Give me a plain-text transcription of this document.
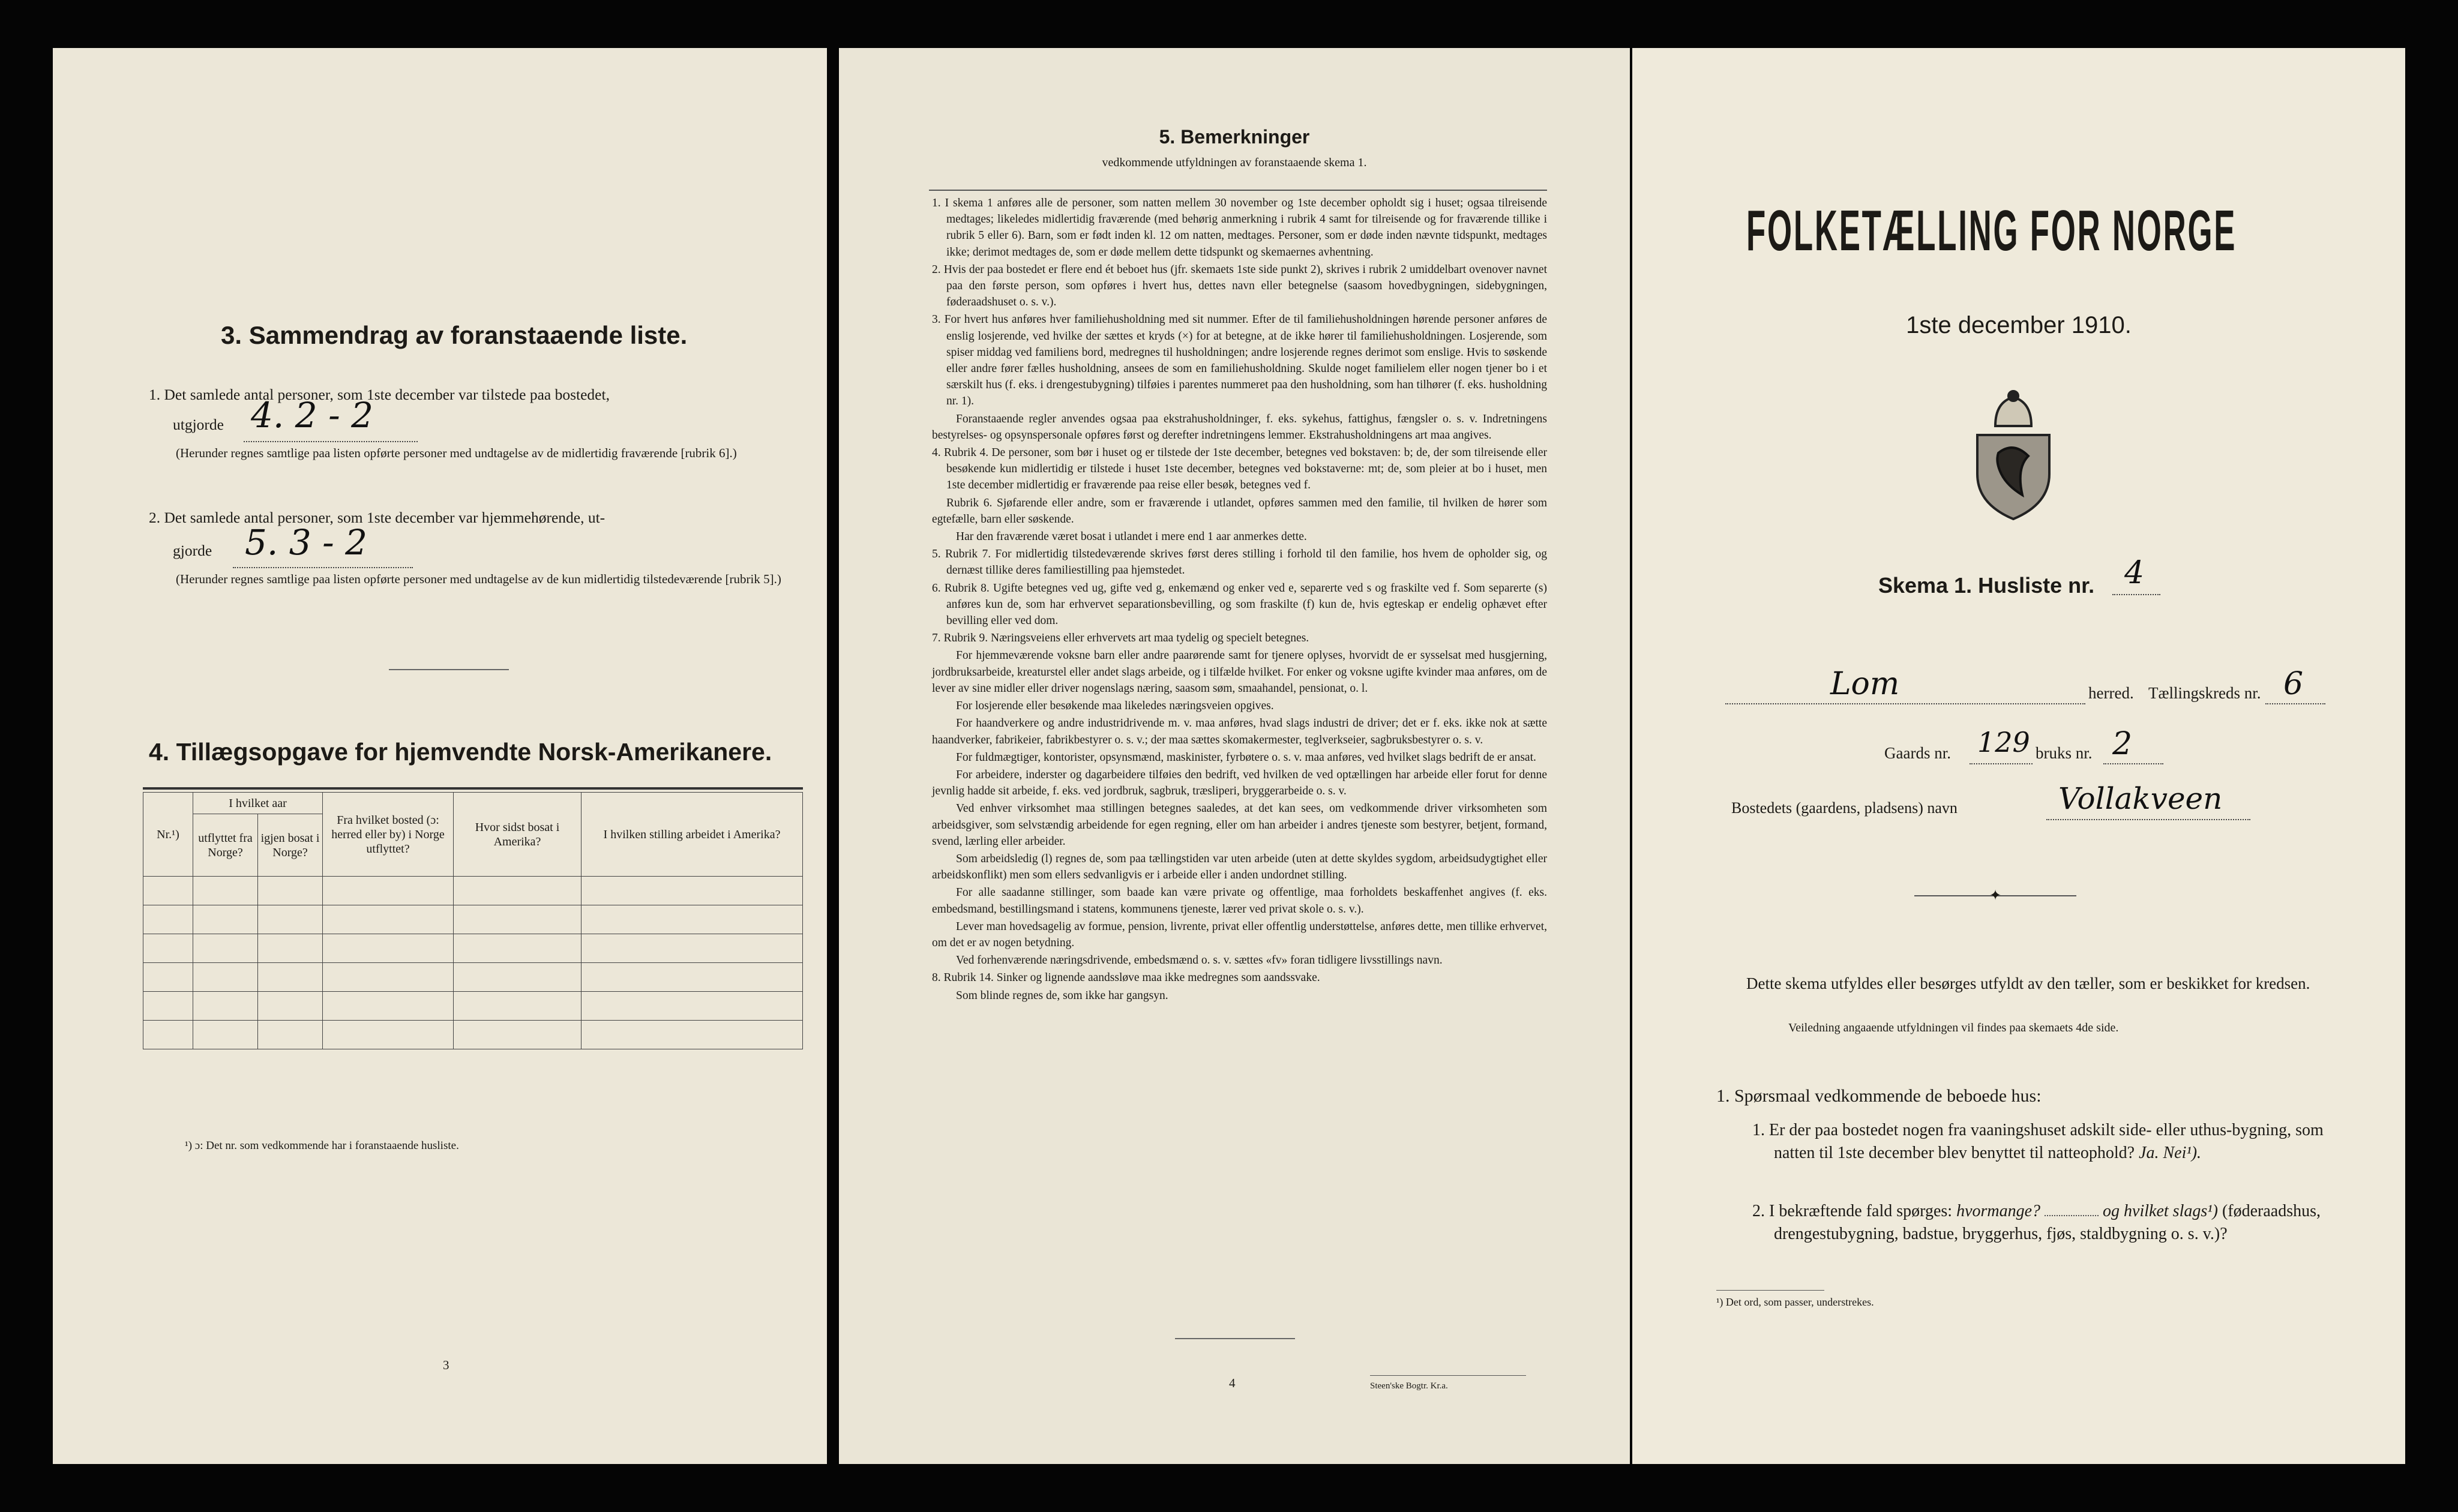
3. Sammendrag av foranstaaende liste.
1. Det samlede antal personer, som 1ste december var tilstede paa bostedet,
utgjorde 4. 2 - 2
(Herunder regnes samtlige paa listen opførte personer med undtagelse av de midlertidig fraværende [rubrik 6].)
2. Det samlede antal personer, som 1ste december var hjemmehørende, ut-
gjorde 5. 3 - 2
(Herunder regnes samtlige paa listen opførte personer med undtagelse av de kun midlertidig tilstedeværende [rubrik 5].)
4. Tillægsopgave for hjemvendte Norsk-Amerikanere.
Nr.¹)	I hvilket aar		Fra hvilket bosted (ɔ: herred eller by) i Norge utflyttet?	Hvor sidst bosat i Amerika?	I hvilken stilling arbeidet i Amerika?
	utflyttet fra Norge?	igjen bosat i Norge?			

¹) ɔ: Det nr. som vedkommende har i foranstaaende husliste.
3
5. Bemerkninger
vedkommende utfyldningen av foranstaaende skema 1.

1. I skema 1 anføres alle de personer, som natten mellem 30 november og 1ste december opholdt sig i huset; ogsaa tilreisende medtages; likeledes midlertidig fraværende (med behørig anmerkning i rubrik 4 samt for tilreisende og for fraværende tillike i rubrik 5 eller 6). Barn, som er født inden kl. 12 om natten, medtages. Personer, som er døde inden nævnte tidspunkt, medtages ikke; derimot medtages de, som er døde mellem dette tidspunkt og skemaernes avhentning.

2. Hvis der paa bostedet er flere end ét beboet hus (jfr. skemaets 1ste side punkt 2), skrives i rubrik 2 umiddelbart ovenover navnet paa den første person, som opføres i hvert hus, dettes navn eller betegnelse (saasom hovedbygningen, sidebygningen, føderaadshuset o. s. v.).

3. For hvert hus anføres hver familiehusholdning med sit nummer. Efter de til familiehusholdningen hørende personer anføres de enslig losjerende, ved hvilke der sættes et kryds (×) for at betegne, at de ikke hører til familiehusholdningen. Losjerende, som spiser middag ved familiens bord, medregnes til husholdningen; andre losjerende regnes derimot som enslige. Hvis to søskende eller andre fører fælles husholdning, ansees de som en familiehusholdning. Skulde noget familielem eller nogen tjener bo i et særskilt hus (f. eks. i drengestubygning) tilføies i parentes nummeret paa den husholdning, som han tilhører (f. eks. husholdning nr. 1).

Foranstaaende regler anvendes ogsaa paa ekstrahusholdninger, f. eks. sykehus, fattighus, fængsler o. s. v. Indretningens bestyrelses- og opsynspersonale opføres først og derefter indretningens lemmer. Ekstrahusholdningens art maa angives.

4. Rubrik 4. De personer, som bør i huset og er tilstede der 1ste december, betegnes ved bokstaven: b; de, der som tilreisende eller besøkende kun midlertidig er tilstede i huset 1ste december, betegnes ved bokstaverne: mt; de, som pleier at bo i huset, men 1ste december midlertidig er fraværende paa reise eller besøk, betegnes ved f.

Rubrik 6. Sjøfarende eller andre, som er fraværende i utlandet, opføres sammen med den familie, til hvilken de hører som egtefælle, barn eller søskende.

Har den fraværende været bosat i utlandet i mere end 1 aar anmerkes dette.

5. Rubrik 7. For midlertidig tilstedeværende skrives først deres stilling i forhold til den familie, hos hvem de opholder sig, og dernæst tillike deres familiestilling paa hjemstedet.

6. Rubrik 8. Ugifte betegnes ved ug, gifte ved g, enkemænd og enker ved e, separerte ved s og fraskilte ved f. Som separerte (s) anføres kun de, som har erhvervet separationsbevilling, og som fraskilte (f) kun de, hvis egteskap er endelig ophævet efter bevilling eller ved dom.

7. Rubrik 9. Næringsveiens eller erhvervets art maa tydelig og specielt betegnes.

For hjemmeværende voksne barn eller andre paarørende samt for tjenere oplyses, hvorvidt de er sysselsat med husgjerning, jordbruksarbeide, kreaturstel eller andet slags arbeide, og i tilfælde hvilket. For enker og voksne ugifte kvinder maa anføres, om de lever av sine midler eller driver nogenslags næring, saasom søm, smaahandel, pensionat, o. l.

For losjerende eller besøkende maa likeledes næringsveien opgives.

For haandverkere og andre industridrivende m. v. maa anføres, hvad slags industri de driver; det er f. eks. ikke nok at sætte haandverker, fabrikeier, fabrikbestyrer o. s. v.; der maa sættes skomakermester, teglverkseier, sagbruksbestyrer o. s. v.

For fuldmægtiger, kontorister, opsynsmænd, maskinister, fyrbøtere o. s. v. maa anføres, ved hvilket slags bedrift de er ansat.

For arbeidere, inderster og dagarbeidere tilføies den bedrift, ved hvilken de ved optællingen har arbeide eller forut for denne jevnlig hadde sit arbeide, f. eks. ved jordbruk, sagbruk, træsliperi, bryggerarbeide o. s. v.

Ved enhver virksomhet maa stillingen betegnes saaledes, at det kan sees, om vedkommende driver virksomheten som arbeidsgiver, som selvstændig arbeidende for egen regning, eller om han arbeider i andres tjeneste som bestyrer, betjent, formand, svend, lærling eller arbeider.

Som arbeidsledig (l) regnes de, som paa tællingstiden var uten arbeide (uten at dette skyldes sygdom, arbeidsudygtighet eller arbeidskonflikt) men som ellers sedvanligvis er i arbeide eller i anden undordnet stilling.

For alle saadanne stillinger, som baade kan være private og offentlige, maa forholdets beskaffenhet angives (f. eks. embedsmand, bestillingsmand i statens, kommunens tjeneste, lærer ved privat skole o. s. v.).

Lever man hovedsagelig av formue, pension, livrente, privat eller offentlig understøttelse, anføres dette, men tillike erhvervet, om det er av nogen betydning.

Ved forhenværende næringsdrivende, embedsmænd o. s. v. sættes «fv» foran tidligere livsstillings navn.

8. Rubrik 14. Sinker og lignende aandssløve maa ikke medregnes som aandssvake.

Som blinde regnes de, som ikke har gangsyn.

4	Steen'ske Bogtr. Kr.a.
FOLKETÆLLING FOR NORGE
1ste december 1910.
Skema 1. Husliste nr. 4
Lom	herred. Tællingskreds nr. 6
Gaards nr. 129 bruks nr. 2
Bostedets (gaardens, pladsens) navn	Vollakveen
✦
Dette skema utfyldes eller besørges utfyldt av den tæller, som er beskikket for kredsen.
Veiledning angaaende utfyldningen vil findes paa skemaets 4de side.
1. Spørsmaal vedkommende de beboede hus:
1. Er der paa bostedet nogen fra vaaningshuset adskilt side- eller uthus-bygning, som natten til 1ste december blev benyttet til natteophold? Ja. Nei¹).
2. I bekræftende fald spørges: hvormange?	og hvilket slags¹) (føderaadshus, drengestubygning, badstue, bryggerhus, fjøs, staldbygning o. s. v.)?
¹) Det ord, som passer, understrekes.
